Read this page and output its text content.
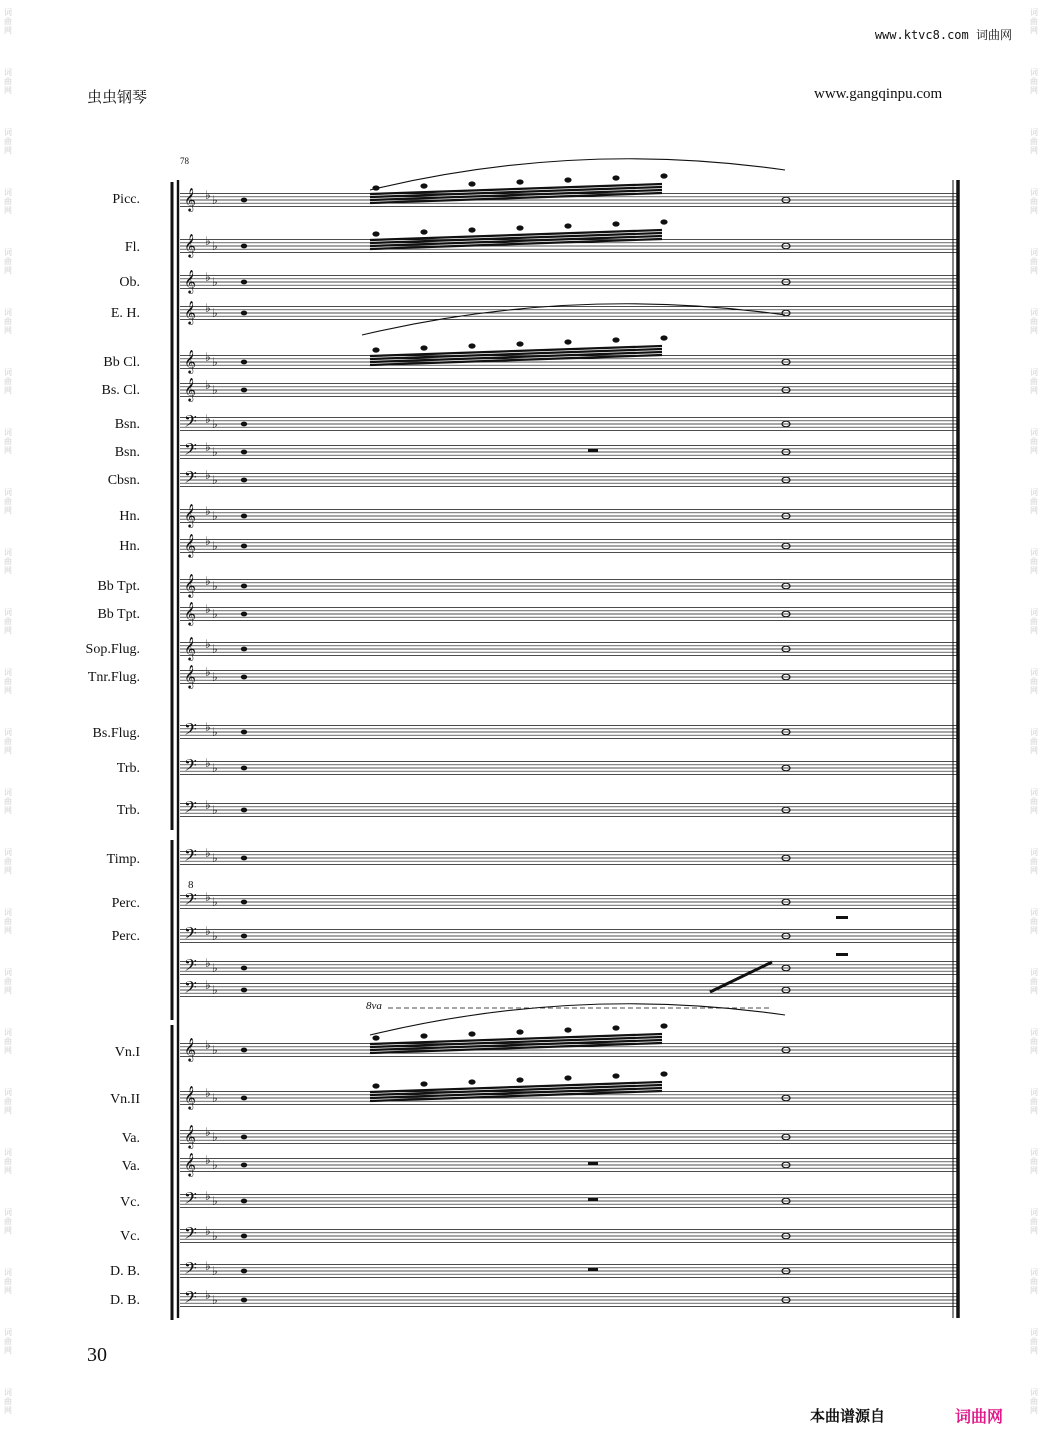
词
曲
网
词
曲
网
词
曲
网
词
曲
网
词
曲
网
词
曲
网
词
曲
网
词
曲
网
词
曲
网
词
曲
网
词
曲
网
词
曲
网
词
曲
网
词
曲
网
词
曲
网
词
曲
网
词
曲
网
词
曲
网
词
曲
网
词
曲
网
词
曲
网
词
曲
网
词
曲
网
词
曲
网
词
曲
网
词
曲
网
词
曲
网
词
曲
网
词
曲
网
词
曲
网
词
曲
网
词
曲
网
词
曲
网
词
曲
网
词
曲
网
词
曲
网
词
曲
网
词
曲
网
词
曲
网
词
曲
网
词
曲
网
词
曲
网
词
曲
网
词
曲
网
词
曲
网
词
曲
网
词
曲
网
词
曲
网
www.ktvc8.com 词曲网
虫虫钢琴	www.gangqinpu.com
78
𝄞 ♭ ♭
𝄞 ♭ ♭
𝄞 ♭ ♭
𝄞 ♭ ♭
𝄞 ♭ ♭
𝄞 ♭ ♭
𝄢 ♭ ♭
𝄢 ♭ ♭
𝄢 ♭ ♭
𝄞 ♭ ♭
𝄞 ♭ ♭
𝄞 ♭ ♭
𝄞 ♭ ♭
𝄞 ♭ ♭
𝄞 ♭ ♭
𝄢 ♭ ♭
𝄢 ♭ ♭
𝄢 ♭ ♭
𝄢 ♭ ♭
𝄢 ♭ ♭
𝄢 ♭ ♭
𝄢 ♭ ♭
𝄢 ♭ ♭
𝄞 ♭ ♭
𝄞 ♭ ♭
𝄞 ♭ ♭
𝄞 ♭ ♭
𝄢 ♭ ♭
𝄢 ♭ ♭
𝄢 ♭ ♭
𝄢 ♭ ♭
Picc.
Fl.
Ob.
E. H.
Bb Cl.
Bs. Cl.
Bsn.
Bsn.
Cbsn.
Hn.
Hn.
Bb Tpt.
Bb Tpt.
Sop.Flug.
Tnr.Flug.
Bs.Flug.
Trb.
Trb.
Timp.
Perc.
Perc.
Vn.I
Vn.II
Va.
Va.
Vc.
Vc.
D. B.
D. B.
8va
8
30
本曲谱源自	词曲网
